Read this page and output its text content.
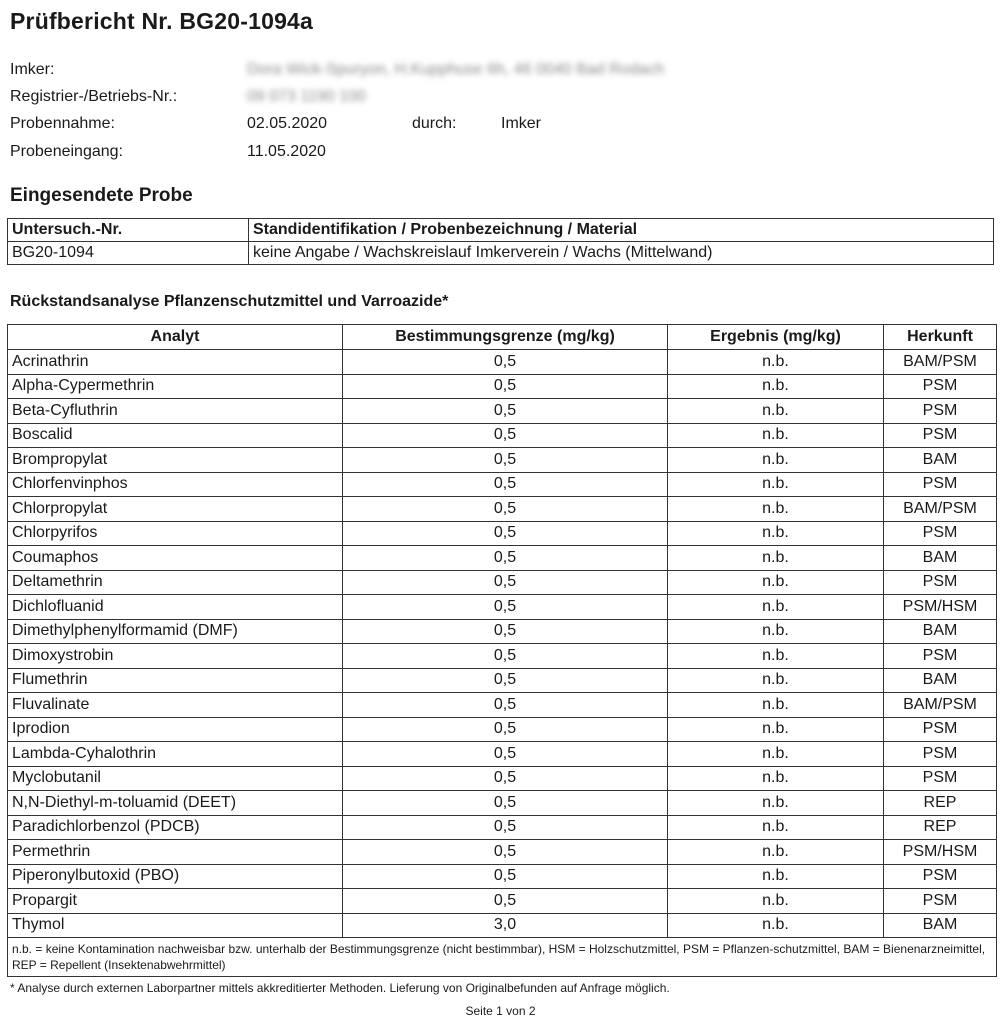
Prüfbericht Nr. BG20-1094a
Imker:	Dora Wick-Spuryon, H.Kupphuse 6h, 46 0040 Bad Rodach
Registrier-/Betriebs-Nr.:	09 073 1190 100
Probennahme:	02.05.2020	durch:	Imker
Probeneingang:	11.05.2020
Eingesendete Probe
Untersuch.-Nr.	Standidentifikation / Probenbezeichnung / Material
BG20-1094	keine Angabe / Wachskreislauf Imkerverein / Wachs (Mittelwand)
Rückstandsanalyse Pflanzenschutzmittel und Varroazide*
Analyt	Bestimmungsgrenze (mg/kg)	Ergebnis (mg/kg)	Herkunft
Acrinathrin	0,5	n.b.	BAM/PSM
Alpha-Cypermethrin	0,5	n.b.	PSM
Beta-Cyfluthrin	0,5	n.b.	PSM
Boscalid	0,5	n.b.	PSM
Brompropylat	0,5	n.b.	BAM
Chlorfenvinphos	0,5	n.b.	PSM
Chlorpropylat	0,5	n.b.	BAM/PSM
Chlorpyrifos	0,5	n.b.	PSM
Coumaphos	0,5	n.b.	BAM
Deltamethrin	0,5	n.b.	PSM
Dichlofluanid	0,5	n.b.	PSM/HSM
Dimethylphenylformamid (DMF)	0,5	n.b.	BAM
Dimoxystrobin	0,5	n.b.	PSM
Flumethrin	0,5	n.b.	BAM
Fluvalinate	0,5	n.b.	BAM/PSM
Iprodion	0,5	n.b.	PSM
Lambda-Cyhalothrin	0,5	n.b.	PSM
Myclobutanil	0,5	n.b.	PSM
N,N-Diethyl-m-toluamid (DEET)	0,5	n.b.	REP
Paradichlorbenzol (PDCB)	0,5	n.b.	REP
Permethrin	0,5	n.b.	PSM/HSM
Piperonylbutoxid (PBO)	0,5	n.b.	PSM
Propargit	0,5	n.b.	PSM
Thymol	3,0	n.b.	BAM
n.b. = keine Kontamination nachweisbar bzw. unterhalb der Bestimmungsgrenze (nicht bestimmbar), HSM = Holzschutzmittel, PSM = Pflanzen-schutzmittel, BAM = Bienenarzneimittel, REP = Repellent (Insektenabwehrmittel)			
* Analyse durch externen Laborpartner mittels akkreditierter Methoden. Lieferung von Originalbefunden auf Anfrage möglich.
Seite 1 von 2
